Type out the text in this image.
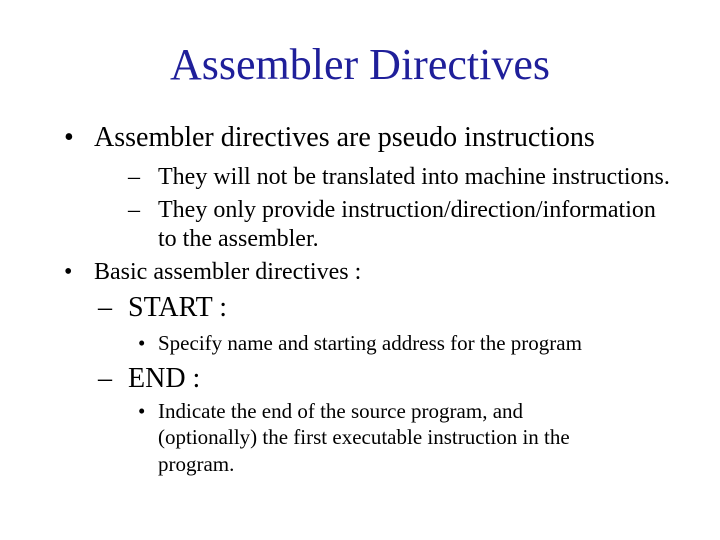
Assembler Directives
• Assembler directives are pseudo instructions
– They will not be translated into machine instructions.
– They only provide instruction/direction/information
to the assembler.
• Basic assembler directives :
– START :
• Specify name and starting address for the program
– END :
• Indicate the end of the source program, and
(optionally) the first executable instruction in the
program.
